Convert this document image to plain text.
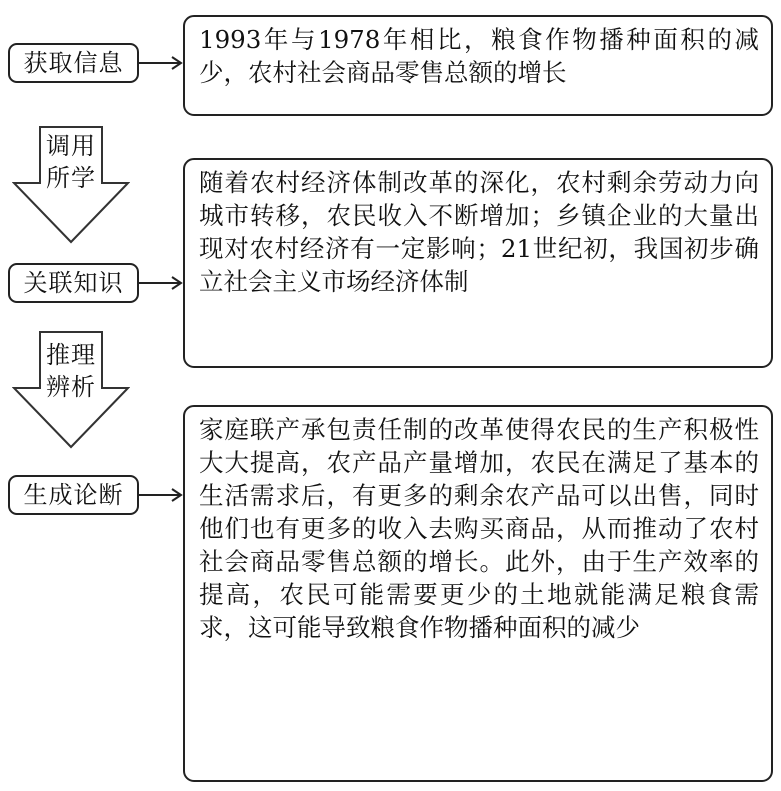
获取信息
1993年与1978年相比，粮食作物播种面积的减少，农村社会商品零售总额的增长
调用
所学
关联知识
随着农村经济体制改革的深化，农村剩余劳动力向城市转移，农民收入不断增加；乡镇企业的大量出现对农村经济有一定影响；21世纪初，我国初步确立社会主义市场经济体制
推理
辨析
生成论断
家庭联产承包责任制的改革使得农民的生产积极性大大提高，农产品产量增加，农民在满足了基本的生活需求后，有更多的剩余农产品可以出售，同时他们也有更多的收入去购买商品，从而推动了农村社会商品零售总额的增长。此外，由于生产效率的提高，农民可能需要更少的土地就能满足粮食需求，这可能导致粮食作物播种面积的减少
